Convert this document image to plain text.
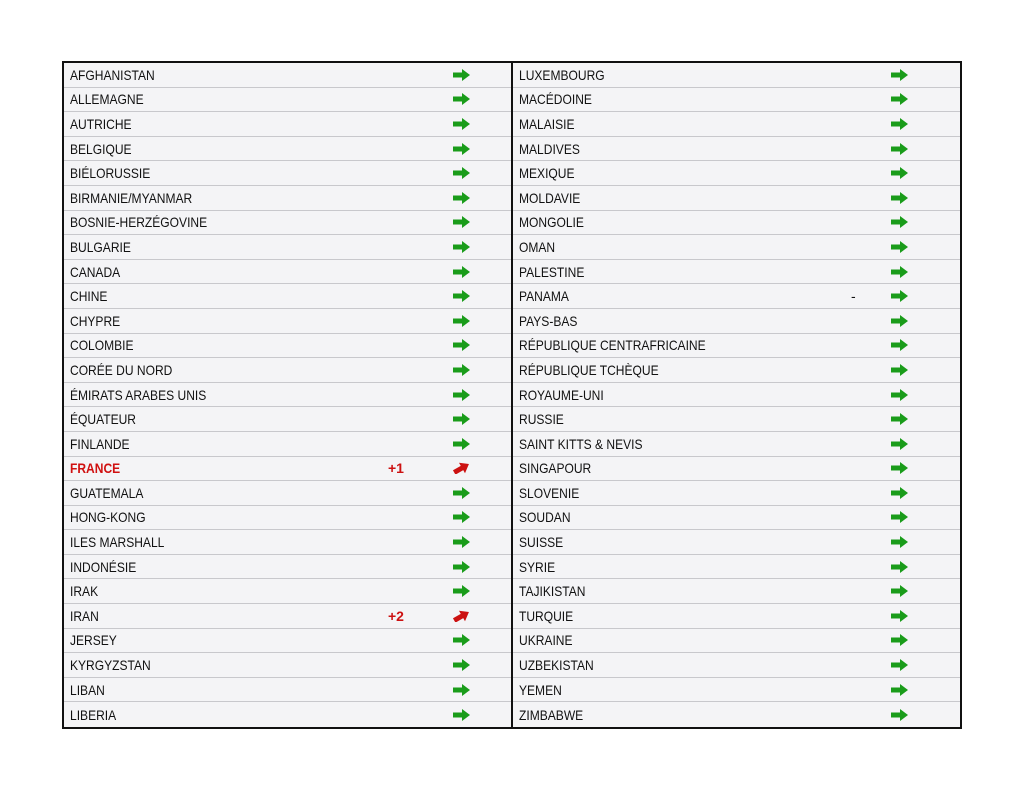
AFGHANISTAN
ALLEMAGNE
AUTRICHE
BELGIQUE
BIÉLORUSSIE
BIRMANIE/MYANMAR
BOSNIE-HERZÉGOVINE
BULGARIE
CANADA
CHINE
CHYPRE
COLOMBIE
CORÉE DU NORD
ÉMIRATS ARABES UNIS
ÉQUATEUR
FINLANDE
FRANCE	+1
GUATEMALA
HONG-KONG
ILES MARSHALL
INDONÉSIE
IRAK
IRAN	+2
JERSEY
KYRGYZSTAN
LIBAN
LIBERIA
LUXEMBOURG
MACÉDOINE
MALAISIE
MALDIVES
MEXIQUE
MOLDAVIE
MONGOLIE
OMAN
PALESTINE
PANAMA	-
PAYS-BAS
RÉPUBLIQUE CENTRAFRICAINE
RÉPUBLIQUE TCHÈQUE
ROYAUME-UNI
RUSSIE
SAINT KITTS & NEVIS
SINGAPOUR
SLOVENIE
SOUDAN
SUISSE
SYRIE
TAJIKISTAN
TURQUIE
UKRAINE
UZBEKISTAN
YEMEN
ZIMBABWE
